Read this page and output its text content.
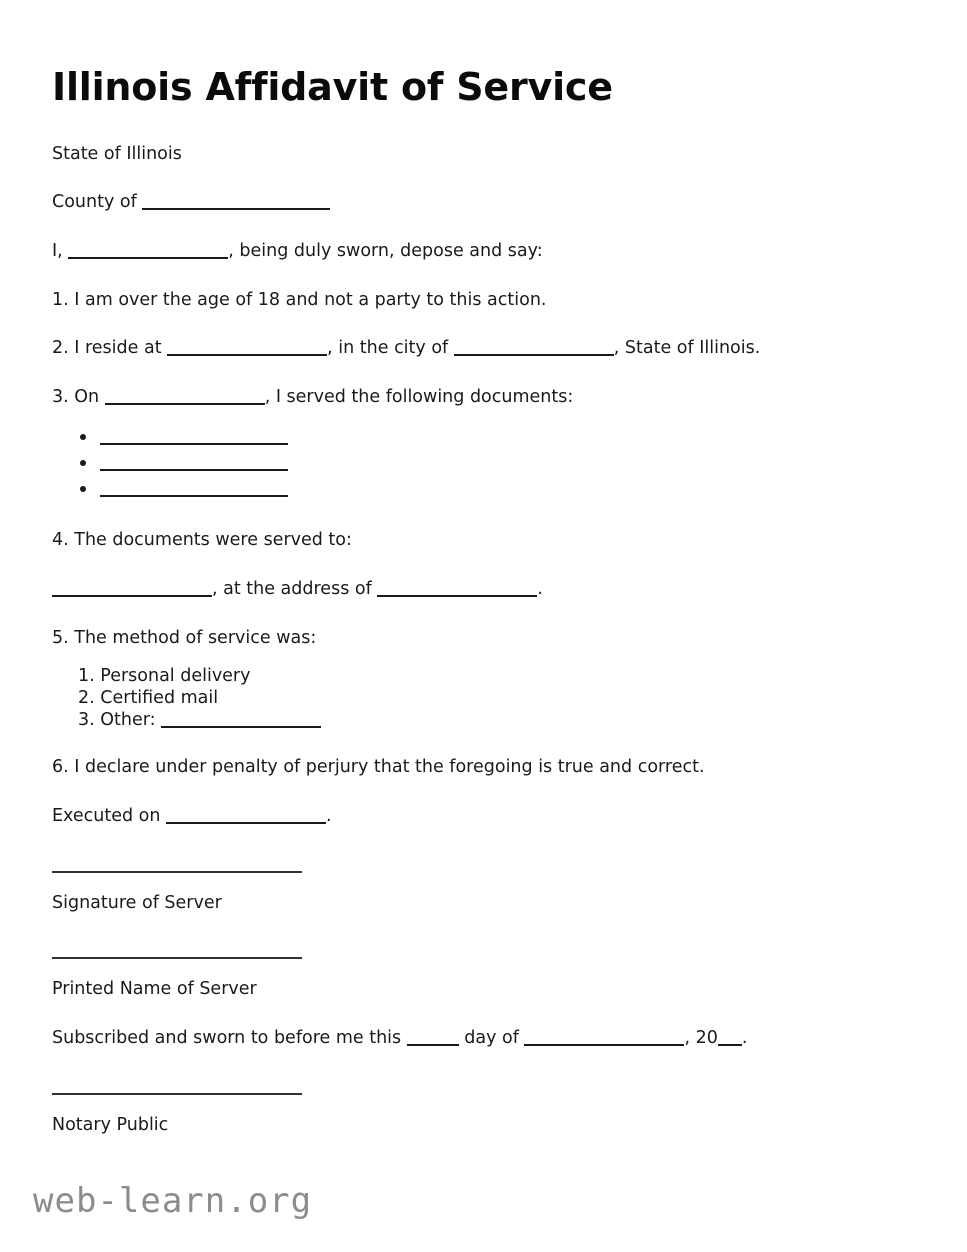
Illinois Affidavit of Service

State of Illinois

County of

I,	, being duly sworn, depose and say:

1. I am over the age of 18 and not a party to this action.

2. I reside at	, in the city of	, State of Illinois.

3. On	, I served the following documents:

4. The documents were served to:

, at the address of	.

5. The method of service was:

1. Personal delivery
2. Certified mail
3. Other:

6. I declare under penalty of perjury that the foregoing is true and correct.

Executed on	.

Signature of Server

Printed Name of Server

Subscribed and sworn to before me this	day of	, 20 .

Notary Public

web-learn.org
